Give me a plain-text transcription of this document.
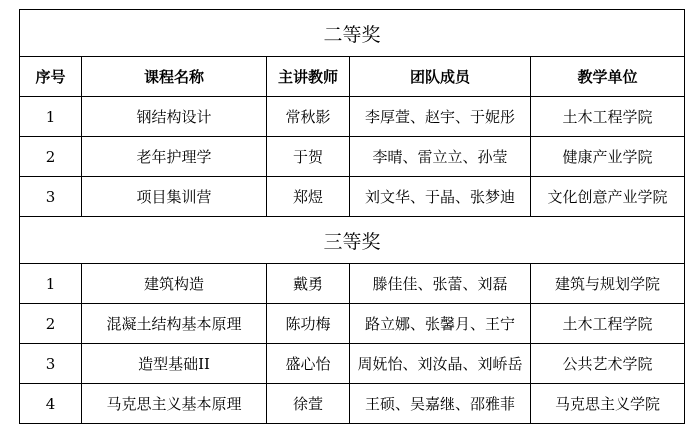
二等奖				
序号	课程名称	主讲教师	团队成员	教学单位
1	钢结构设计	常秋影	李厚萱、赵宇、于妮彤	土木工程学院
2	老年护理学	于贺	李晴、雷立立、孙莹	健康产业学院
3	项目集训营	郑煜	刘文华、于晶、张梦迪	文化创意产业学院
三等奖				
1	建筑构造	戴勇	滕佳佳、张蕾、刘磊	建筑与规划学院
2	混凝土结构基本原理	陈功梅	路立娜、张馨月、王宁	土木工程学院
3	造型基础II	盛心怡	周妩怡、刘汝晶、刘峤岳	公共艺术学院
4	马克思主义基本原理	徐萱	王硕、吴嘉继、邵雅菲	马克思主义学院
